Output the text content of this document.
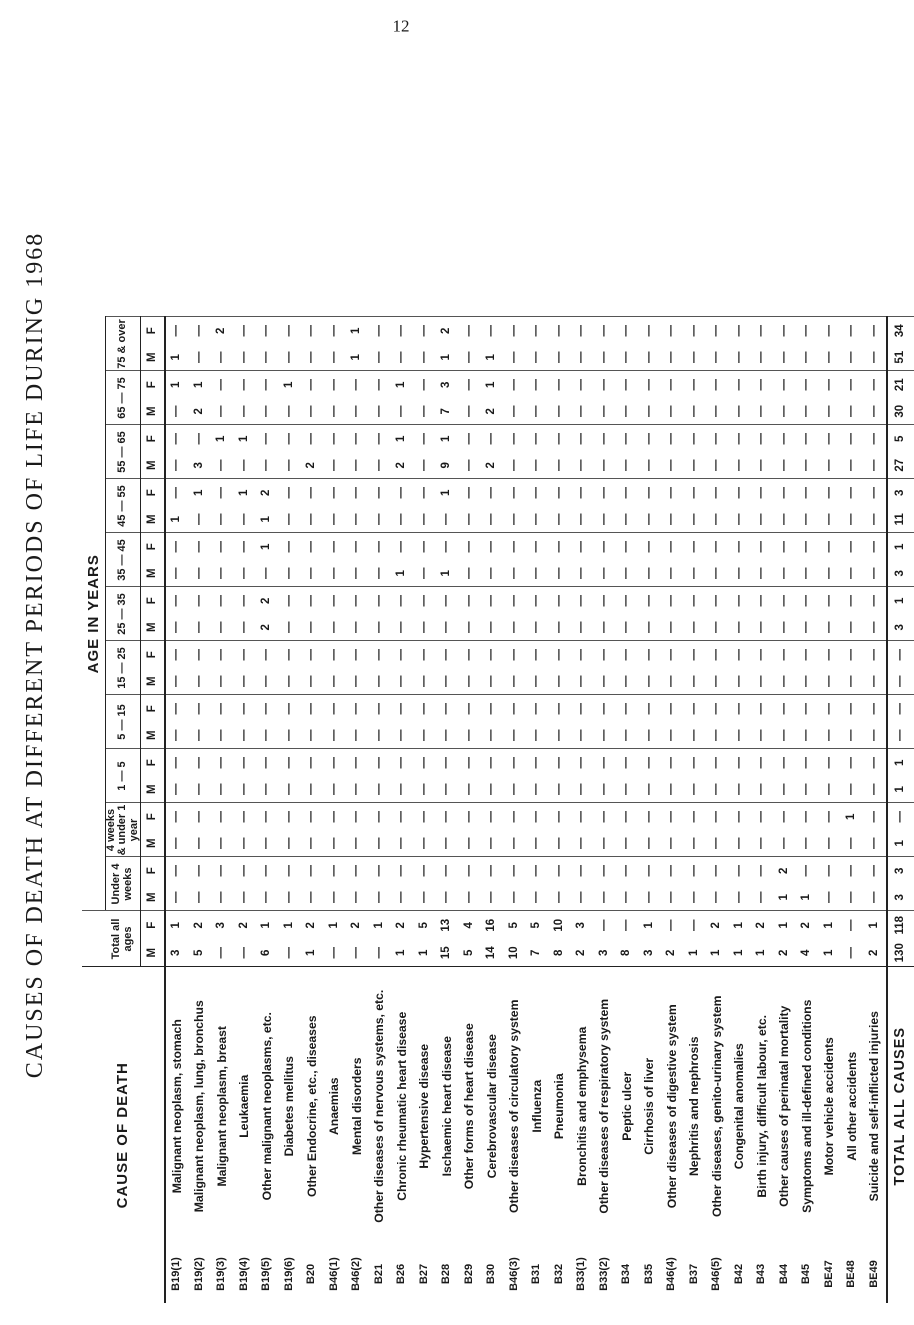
CAUSES OF DEATH AT DIFFERENT PERIODS OF LIFE DURING 1968
CAUSE OF DEATH				AGE IN YEARS																					
		Total all ages		Under 4 weeks		4 weeks & under 1 year		1 — 5		5 — 15		15 — 25		25 — 35		35 — 45		45 — 55		55 — 65		65 — 75		75 & over	
		M	F	M	F	M	F	M	F	M	F	M	F	M	F	M	F	M	F	M	F	M	F	M	F
B19(1)	Malignant neoplasm, stomach	3	1	—	—	—	—	—	—	—	—	—	—	—	—	—	—	1	—	—	—	—	1	1	—
B19(2)	Malignant neoplasm, lung, bronchus	5	2	—	—	—	—	—	—	—	—	—	—	—	—	—	—	—	1	3	—	2	1	—	—
B19(3)	Malignant neoplasm, breast	—	3	—	—	—	—	—	—	—	—	—	—	—	—	—	—	—	—	—	1	—	—	—	2
B19(4)	Leukaemia	—	2	—	—	—	—	—	—	—	—	—	—	—	—	—	—	—	1	—	1	—	—	—	—
B19(5)	Other malignant neoplasms, etc.	6	1	—	—	—	—	—	—	—	—	—	—	2	2	—	1	1	2	—	—	—	—	—	—
B19(6)	Diabetes mellitus	—	1	—	—	—	—	—	—	—	—	—	—	—	—	—	—	—	—	—	—	—	1	—	—
B20	Other Endocrine, etc., diseases	1	2	—	—	—	—	—	—	—	—	—	—	—	—	—	—	—	—	2	—	—	—	—	—
B46(1)	Anaemias	—	1	—	—	—	—	—	—	—	—	—	—	—	—	—	—	—	—	—	—	—	—	—	—
B46(2)	Mental disorders	—	2	—	—	—	—	—	—	—	—	—	—	—	—	—	—	—	—	—	—	—	—	1	1
B21	Other diseases of nervous systems, etc.	—	1	—	—	—	—	—	—	—	—	—	—	—	—	—	—	—	—	—	—	—	—	—	—
B26	Chronic rheumatic heart disease	1	2	—	—	—	—	—	—	—	—	—	—	—	—	1	—	—	—	2	1	—	1	—	—
B27	Hypertensive disease	1	5	—	—	—	—	—	—	—	—	—	—	—	—	—	—	—	—	—	—	—	—	—	—
B28	Ischaemic heart disease	15	13	—	—	—	—	—	—	—	—	—	—	—	—	1	—	—	1	9	1	7	3	1	2
B29	Other forms of heart disease	5	4	—	—	—	—	—	—	—	—	—	—	—	—	—	—	—	—	—	—	—	—	—	—
B30	Cerebrovascular disease	14	16	—	—	—	—	—	—	—	—	—	—	—	—	—	—	—	—	2	—	2	1	1	—
B46(3)	Other diseases of circulatory system	10	5	—	—	—	—	—	—	—	—	—	—	—	—	—	—	—	—	—	—	—	—	—	—
B31	Influenza	7	5	—	—	—	—	—	—	—	—	—	—	—	—	—	—	—	—	—	—	—	—	—	—
B32	Pneumonia	8	10	—	—	—	—	—	—	—	—	—	—	—	—	—	—	—	—	—	—	—	—	—	—
B33(1)	Bronchitis and emphysema	2	3	—	—	—	—	—	—	—	—	—	—	—	—	—	—	—	—	—	—	—	—	—	—
B33(2)	Other diseases of respiratory system	3	—	—	—	—	—	—	—	—	—	—	—	—	—	—	—	—	—	—	—	—	—	—	—
B34	Peptic ulcer	8	—	—	—	—	—	—	—	—	—	—	—	—	—	—	—	—	—	—	—	—	—	—	—
B35	Cirrhosis of liver	3	1	—	—	—	—	—	—	—	—	—	—	—	—	—	—	—	—	—	—	—	—	—	—
B46(4)	Other diseases of digestive system	2	—	—	—	—	—	—	—	—	—	—	—	—	—	—	—	—	—	—	—	—	—	—	—
B37	Nephritis and nephrosis	1	—	—	—	—	—	—	—	—	—	—	—	—	—	—	—	—	—	—	—	—	—	—	—
B46(5)	Other diseases, genito-urinary system	1	2	—	—	—	—	—	—	—	—	—	—	—	—	—	—	—	—	—	—	—	—	—	—
B42	Congenital anomalies	1	1	—	—	—	—	—	—	—	—	—	—	—	—	—	—	—	—	—	—	—	—	—	—
B43	Birth injury, difficult labour, etc.	1	2	—	—	—	—	—	—	—	—	—	—	—	—	—	—	—	—	—	—	—	—	—	—
B44	Other causes of perinatal mortality	2	1	1	2	—	—	—	—	—	—	—	—	—	—	—	—	—	—	—	—	—	—	—	—
B45	Symptoms and ill-defined conditions	4	2	1	—	—	—	—	—	—	—	—	—	—	—	—	—	—	—	—	—	—	—	—	—
BE47	Motor vehicle accidents	1	1	—	—	—	—	—	—	—	—	—	—	—	—	—	—	—	—	—	—	—	—	—	—
BE48	All other accidents	—	—	—	—	—	1	—	—	—	—	—	—	—	—	—	—	—	—	—	—	—	—	—	—
BE49	Suicide and self-inflicted injuries	2	1	—	—	—	—	—	—	—	—	—	—	—	—	—	—	—	—	—	—	—	—	—	—
	TOTAL ALL CAUSES	130	118	3	3	1	—	1	1	—	—	—	—	3	1	3	1	11	3	27	5	30	21	51	34
12
